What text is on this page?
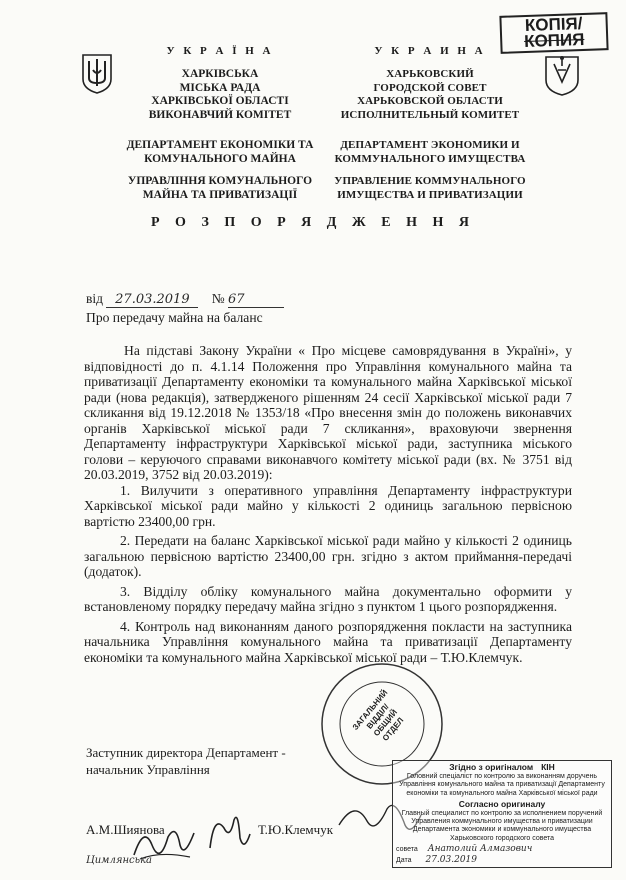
КОПІЯ/
КОПИЯ
У К Р А Ї Н А
ХАРКІВСЬКА
МІСЬКА РАДА
ХАРКІВСЬКОЇ ОБЛАСТІ
ВИКОНАВЧИЙ КОМІТЕТ
ДЕПАРТАМЕНТ ЕКОНОМІКИ ТА
КОМУНАЛЬНОГО МАЙНА
УПРАВЛІННЯ КОМУНАЛЬНОГО
МАЙНА ТА ПРИВАТИЗАЦІЇ
У К Р А И Н А
ХАРЬКОВСКИЙ
ГОРОДСКОЙ СОВЕТ
ХАРЬКОВСКОЙ ОБЛАСТИ
ИСПОЛНИТЕЛЬНЫЙ КОМИТЕТ
ДЕПАРТАМЕНТ ЭКОНОМИКИ И
КОММУНАЛЬНОГО ИМУЩЕСТВА
УПРАВЛЕНИЕ КОММУНАЛЬНОГО
ИМУЩЕСТВА И ПРИВАТИЗАЦИИ
Р О З П О Р Я Д Ж Е Н Н Я
від 27.03.2019 № 67
Про передачу майна на баланс

На підставі Закону України « Про місцеве самоврядування в Україні», у відповідності до п. 4.1.14 Положення про Управління комунального майна та приватизації Департаменту економіки та комунального майна Харківської міської ради (нова редакція), затвердженого рішенням 24 сесії Харківської міської ради 7 скликання від 19.12.2018 № 1353/18 «Про внесення змін до положень виконавчих органів Харківської міської ради 7 скликання», враховуючи звернення Департаменту інфраструктури Харківської міської ради, заступника міського голови – керуючого справами виконавчого комітету міської ради (вх. № 3751 від 20.03.2019, 3752 від 20.03.2019):

1. Вилучити з оперативного управління Департаменту інфраструктури Харківської міської ради майно у кількості 2 одиниць загальною первісною вартістю 23400,00 грн.

2. Передати на баланс Харківської міської ради майно у кількості 2 одиниць загальною первісною вартістю 23400,00 грн. згідно з актом приймання-передачі (додаток).

3. Відділу обліку комунального майна документально оформити у встановленому порядку передачу майна згідно з пунктом 1 цього розпорядження.

4. Контроль над виконанням даного розпорядження покласти на заступника начальника Управління комунального майна та приватизації Департаменту економіки та комунального майна Харківської міської ради – Т.Ю.Клемчук.

ЗАГАЛЬНИЙ
ВІДДІЛ/
ОБЩИЙ ОТДЕЛ
Заступник директора Департамент -
начальник Управління
А.М.Шиянова	Т.Ю.Клемчук
Цимлянська
Згідно з оригіналом КІН
Головний спеціаліст по контролю за виконанням доручень Управління комунального майна та приватизації Департаменту економіки та комунального майна Харківської міської ради
Согласно оригиналу
Главный специалист по контролю за исполнением поручений Управления коммунального имущества и приватизации Департамента экономики и коммунального имущества Харьковского городского совета
совета Анатолий Алмазович
Дата 27.03.2019
